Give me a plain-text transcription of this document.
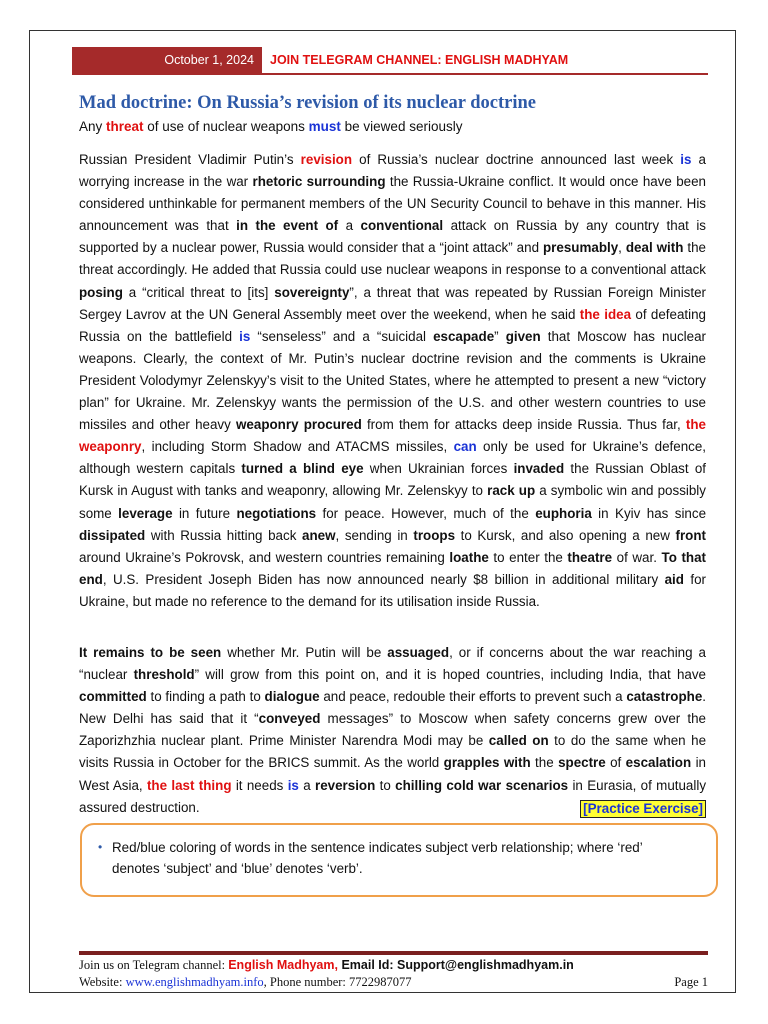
October 1, 2024	JOIN TELEGRAM CHANNEL: ENGLISH MADHYAM
Mad doctrine: On Russia’s revision of its nuclear doctrine
Any threat of use of nuclear weapons must be viewed seriously

Russian President Vladimir Putin’s revision of Russia’s nuclear doctrine announced last week is a worrying increase in the war rhetoric surrounding the Russia-Ukraine conflict. It would once have been considered unthinkable for permanent members of the UN Security Council to behave in this manner. His announcement was that in the event of a conventional attack on Russia by any country that is supported by a nuclear power, Russia would consider that a “joint attack” and presumably, deal with the threat accordingly. He added that Russia could use nuclear weapons in response to a conventional attack posing a “critical threat to [its] sovereignty”, a threat that was repeated by Russian Foreign Minister Sergey Lavrov at the UN General Assembly meet over the weekend, when he said the idea of defeating Russia on the battlefield is “senseless” and a “suicidal escapade” given that Moscow has nuclear weapons. Clearly, the context of Mr. Putin’s nuclear doctrine revision and the comments is Ukraine President Volodymyr Zelenskyy’s visit to the United States, where he attempted to present a new “victory plan” for Ukraine. Mr. Zelenskyy wants the permission of the U.S. and other western countries to use missiles and other heavy weaponry procured from them for attacks deep inside Russia. Thus far, the weaponry, including Storm Shadow and ATACMS missiles, can only be used for Ukraine’s defence, although western capitals turned a blind eye when Ukrainian forces invaded the Russian Oblast of Kursk in August with tanks and weaponry, allowing Mr. Zelenskyy to rack up a symbolic win and possibly some leverage in future negotiations for peace. However, much of the euphoria in Kyiv has since dissipated with Russia hitting back anew, sending in troops to Kursk, and also opening a new front around Ukraine’s Pokrovsk, and western countries remaining loathe to enter the theatre of war. To that end, U.S. President Joseph Biden has now announced nearly $8 billion in additional military aid for Ukraine, but made no reference to the demand for its utilisation inside Russia.

It remains to be seen whether Mr. Putin will be assuaged, or if concerns about the war reaching a “nuclear threshold” will grow from this point on, and it is hoped countries, including India, that have committed to finding a path to dialogue and peace, redouble their efforts to prevent such a catastrophe. New Delhi has said that it “conveyed messages” to Moscow when safety concerns grew over the Zaporizhzhia nuclear plant. Prime Minister Narendra Modi may be called on to do the same when he visits Russia in October for the BRICS summit. As the world grapples with the spectre of escalation in West Asia, the last thing it needs is a reversion to chilling cold war scenarios in Eurasia, of mutually assured destruction.	[Practice Exercise]

• Red/blue coloring of words in the sentence indicates subject verb relationship; where ‘red’ denotes ‘subject’ and ‘blue’ denotes ‘verb’.
Join us on Telegram channel: English Madhyam, Email Id: Support@englishmadhyam.in
Website: www.englishmadhyam.info, Phone number: 7722987077	Page 1
